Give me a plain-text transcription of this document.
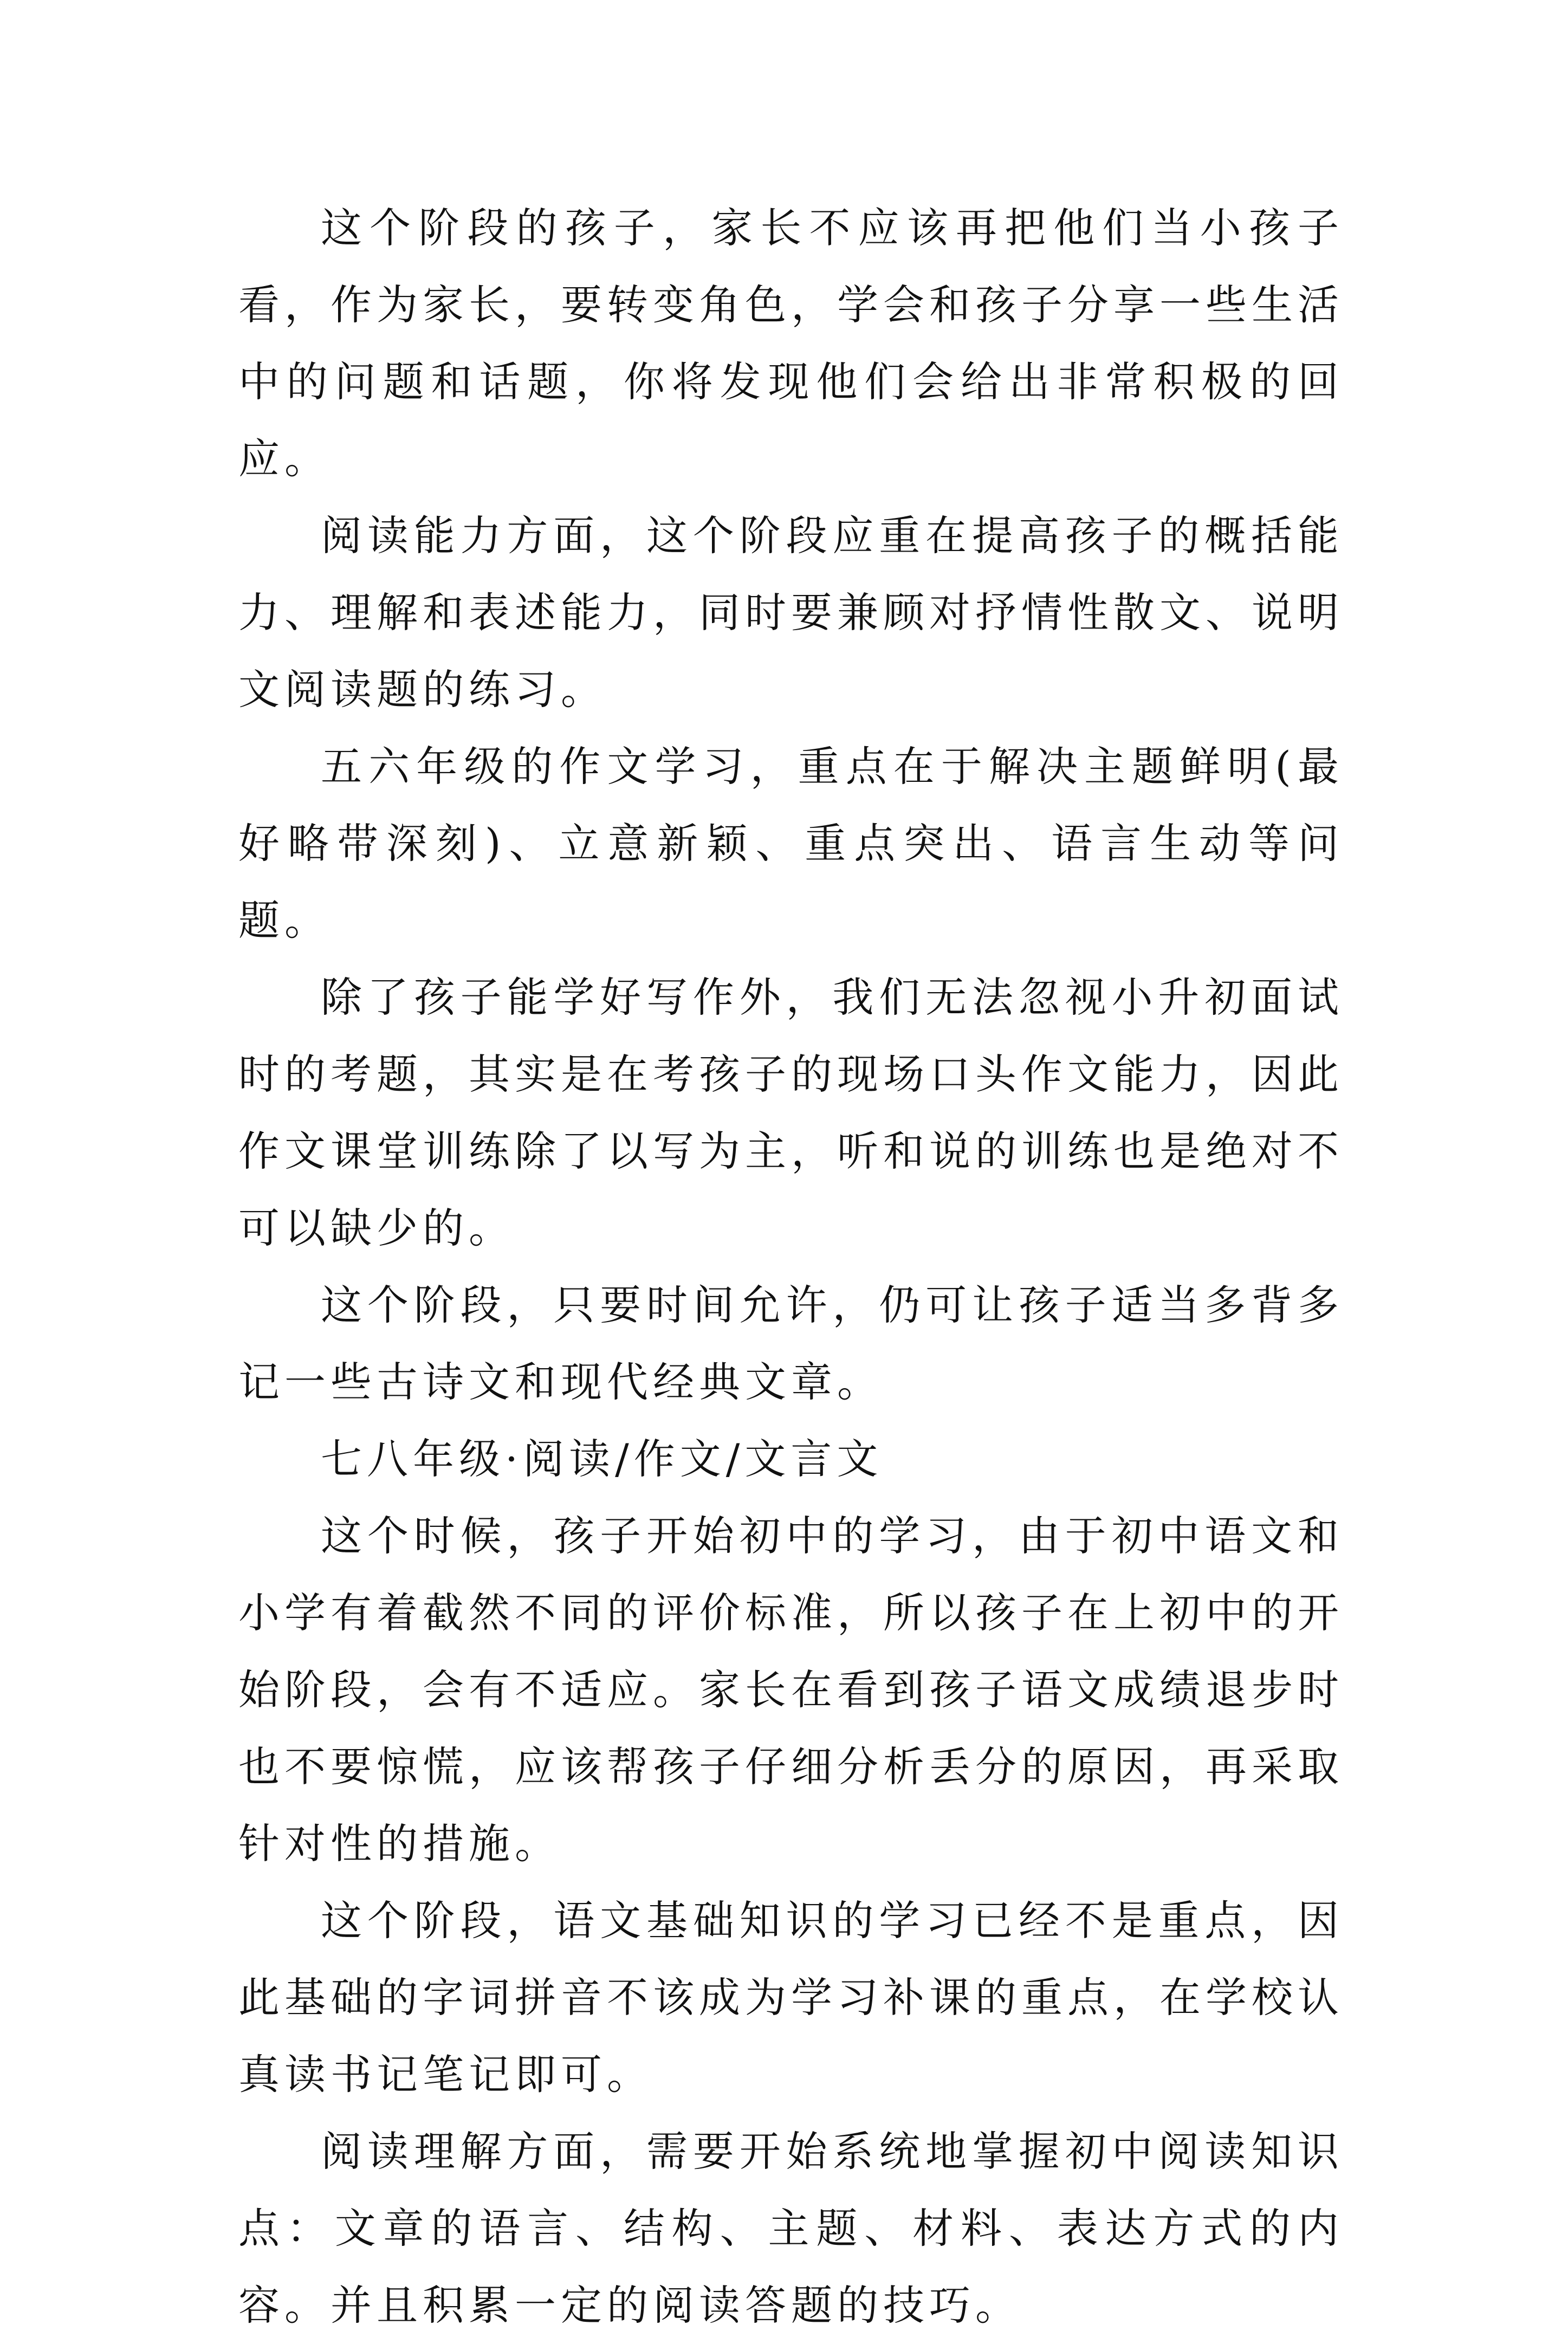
这个阶段的孩子，家长不应该再把他们当小孩子看，作为家长，要转变角色，学会和孩子分享一些生活中的问题和话题，你将发现他们会给出非常积极的回应。

阅读能力方面，这个阶段应重在提高孩子的概括能力、理解和表述能力，同时要兼顾对抒情性散文、说明文阅读题的练习。

五六年级的作文学习，重点在于解决主题鲜明(最好略带深刻)、立意新颖、重点突出、语言生动等问题。

除了孩子能学好写作外，我们无法忽视小升初面试时的考题，其实是在考孩子的现场口头作文能力，因此作文课堂训练除了以写为主，听和说的训练也是绝对不可以缺少的。

这个阶段，只要时间允许，仍可让孩子适当多背多记一些古诗文和现代经典文章。

七八年级·阅读/作文/文言文

这个时候，孩子开始初中的学习，由于初中语文和小学有着截然不同的评价标准，所以孩子在上初中的开始阶段，会有不适应。家长在看到孩子语文成绩退步时也不要惊慌，应该帮孩子仔细分析丢分的原因，再采取针对性的措施。

这个阶段，语文基础知识的学习已经不是重点，因此基础的字词拼音不该成为学习补课的重点，在学校认真读书记笔记即可。

阅读理解方面，需要开始系统地掌握初中阅读知识点：文章的语言、结构、主题、材料、表达方式的内容。并且积累一定的阅读答题的技巧。
